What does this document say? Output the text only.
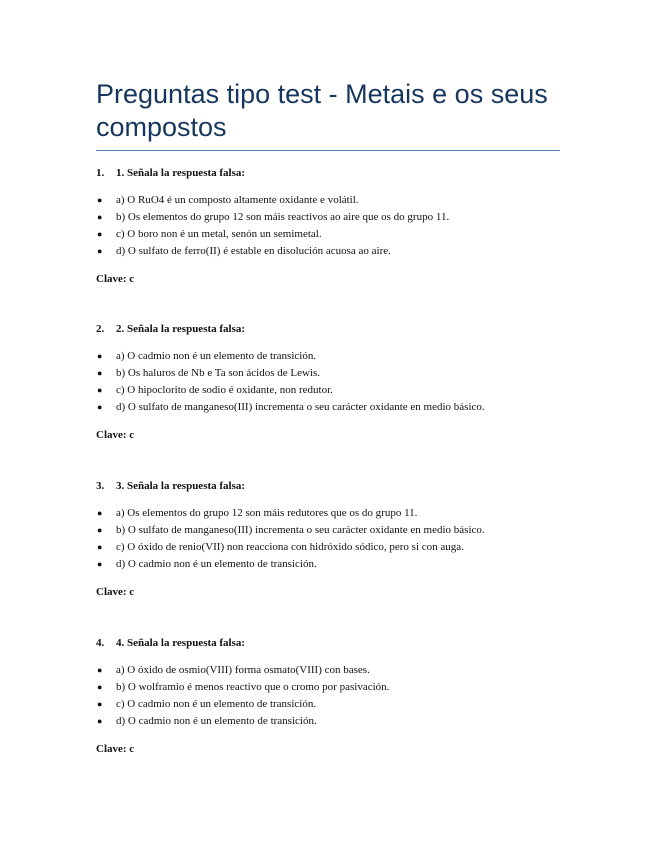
Preguntas tipo test - Metais e os seus compostos
1. 1. Señala la respuesta falsa:
● a) O RuO4 é un composto altamente oxidante e volátil.
● b) Os elementos do grupo 12 son máis reactivos ao aire que os do grupo 11.
● c) O boro non é un metal, senón un semimetal.
● d) O sulfato de ferro(II) é estable en disolución acuosa ao aire.
Clave: c
2. 2. Señala la respuesta falsa:
● a) O cadmio non é un elemento de transición.
● b) Os haluros de Nb e Ta son ácidos de Lewis.
● c) O hipoclorito de sodio é oxidante, non redutor.
● d) O sulfato de manganeso(III) incrementa o seu carácter oxidante en medio básico.
Clave: c
3. 3. Señala la respuesta falsa:
● a) Os elementos do grupo 12 son máis redutores que os do grupo 11.
● b) O sulfato de manganeso(III) incrementa o seu carácter oxidante en medio básico.
● c) O óxido de renio(VII) non reacciona con hidróxido sódico, pero si con auga.
● d) O cadmio non é un elemento de transición.
Clave: c
4. 4. Señala la respuesta falsa:
● a) O óxido de osmio(VIII) forma osmato(VIII) con bases.
● b) O wolframio é menos reactivo que o cromo por pasivación.
● c) O cadmio non é un elemento de transición.
● d) O cadmio non é un elemento de transición.
Clave: c
